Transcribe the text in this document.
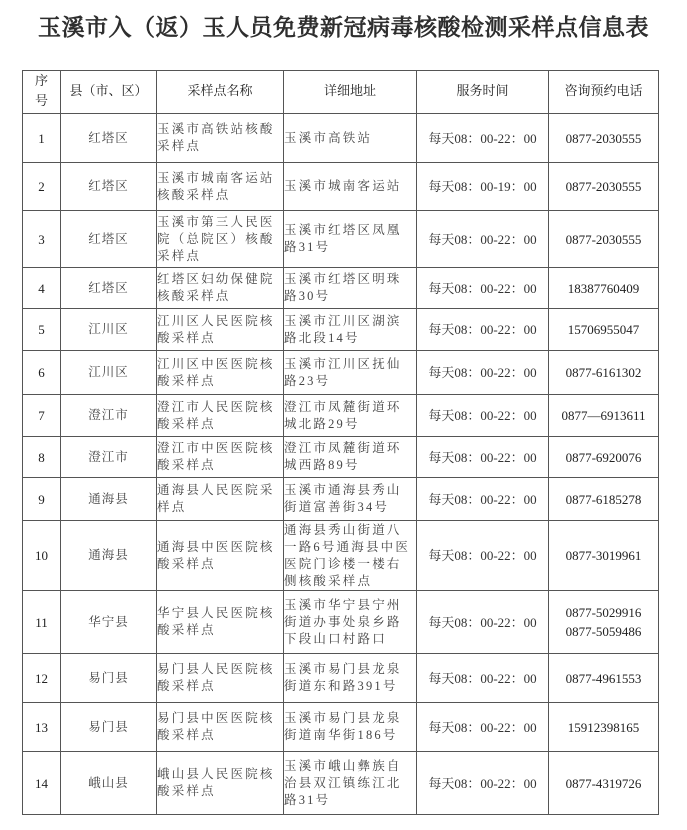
玉溪市入（返）玉人员免费新冠病毒核酸检测采样点信息表
序
号	县（市、区）	采样点名称	详细地址	服务时间	咨询预约电话
1	红塔区	玉溪市高铁站核酸采样点	玉溪市高铁站	每天08：00-22：00	0877-2030555

2	红塔区	玉溪市城南客运站核酸采样点	玉溪市城南客运站	每天08：00-19：00	0877-2030555

3	红塔区	玉溪市第三人民医院（总院区）核酸采样点	玉溪市红塔区凤凰路31号	每天08：00-22：00	0877-2030555

4	红塔区	红塔区妇幼保健院核酸采样点	玉溪市红塔区明珠路30号	每天08：00-22：00	18387760409

5	江川区	江川区人民医院核酸采样点	玉溪市江川区湖滨路北段14号	每天08：00-22：00	15706955047

6	江川区	江川区中医医院核酸采样点	玉溪市江川区抚仙路23号	每天08：00-22：00	0877-6161302

7	澄江市	澄江市人民医院核酸采样点	澄江市凤麓街道环城北路29号	每天08：00-22：00	0877—6913611

8	澄江市	澄江市中医医院核酸采样点	澄江市凤麓街道环城西路89号	每天08：00-22：00	0877-6920076

9	通海县	通海县人民医院采样点	玉溪市通海县秀山街道富善街34号	每天08：00-22：00	0877-6185278

10	通海县	通海县中医医院核酸采样点	通海县秀山街道八一路6号通海县中医医院门诊楼一楼右侧核酸采样点	每天08：00-22：00	0877-3019961

11	华宁县	华宁县人民医院核酸采样点	玉溪市华宁县宁州街道办事处泉乡路下段山口村路口	每天08：00-22：00	0877-5029916
0877-5059486

12	易门县	易门县人民医院核酸采样点	玉溪市易门县龙泉街道东和路391号	每天08：00-22：00	0877-4961553

13	易门县	易门县中医医院核酸采样点	玉溪市易门县龙泉街道南华街186号	每天08：00-22：00	15912398165

14	峨山县	峨山县人民医院核酸采样点	玉溪市峨山彝族自治县双江镇练江北路31号	每天08：00-22：00	0877-4319726
